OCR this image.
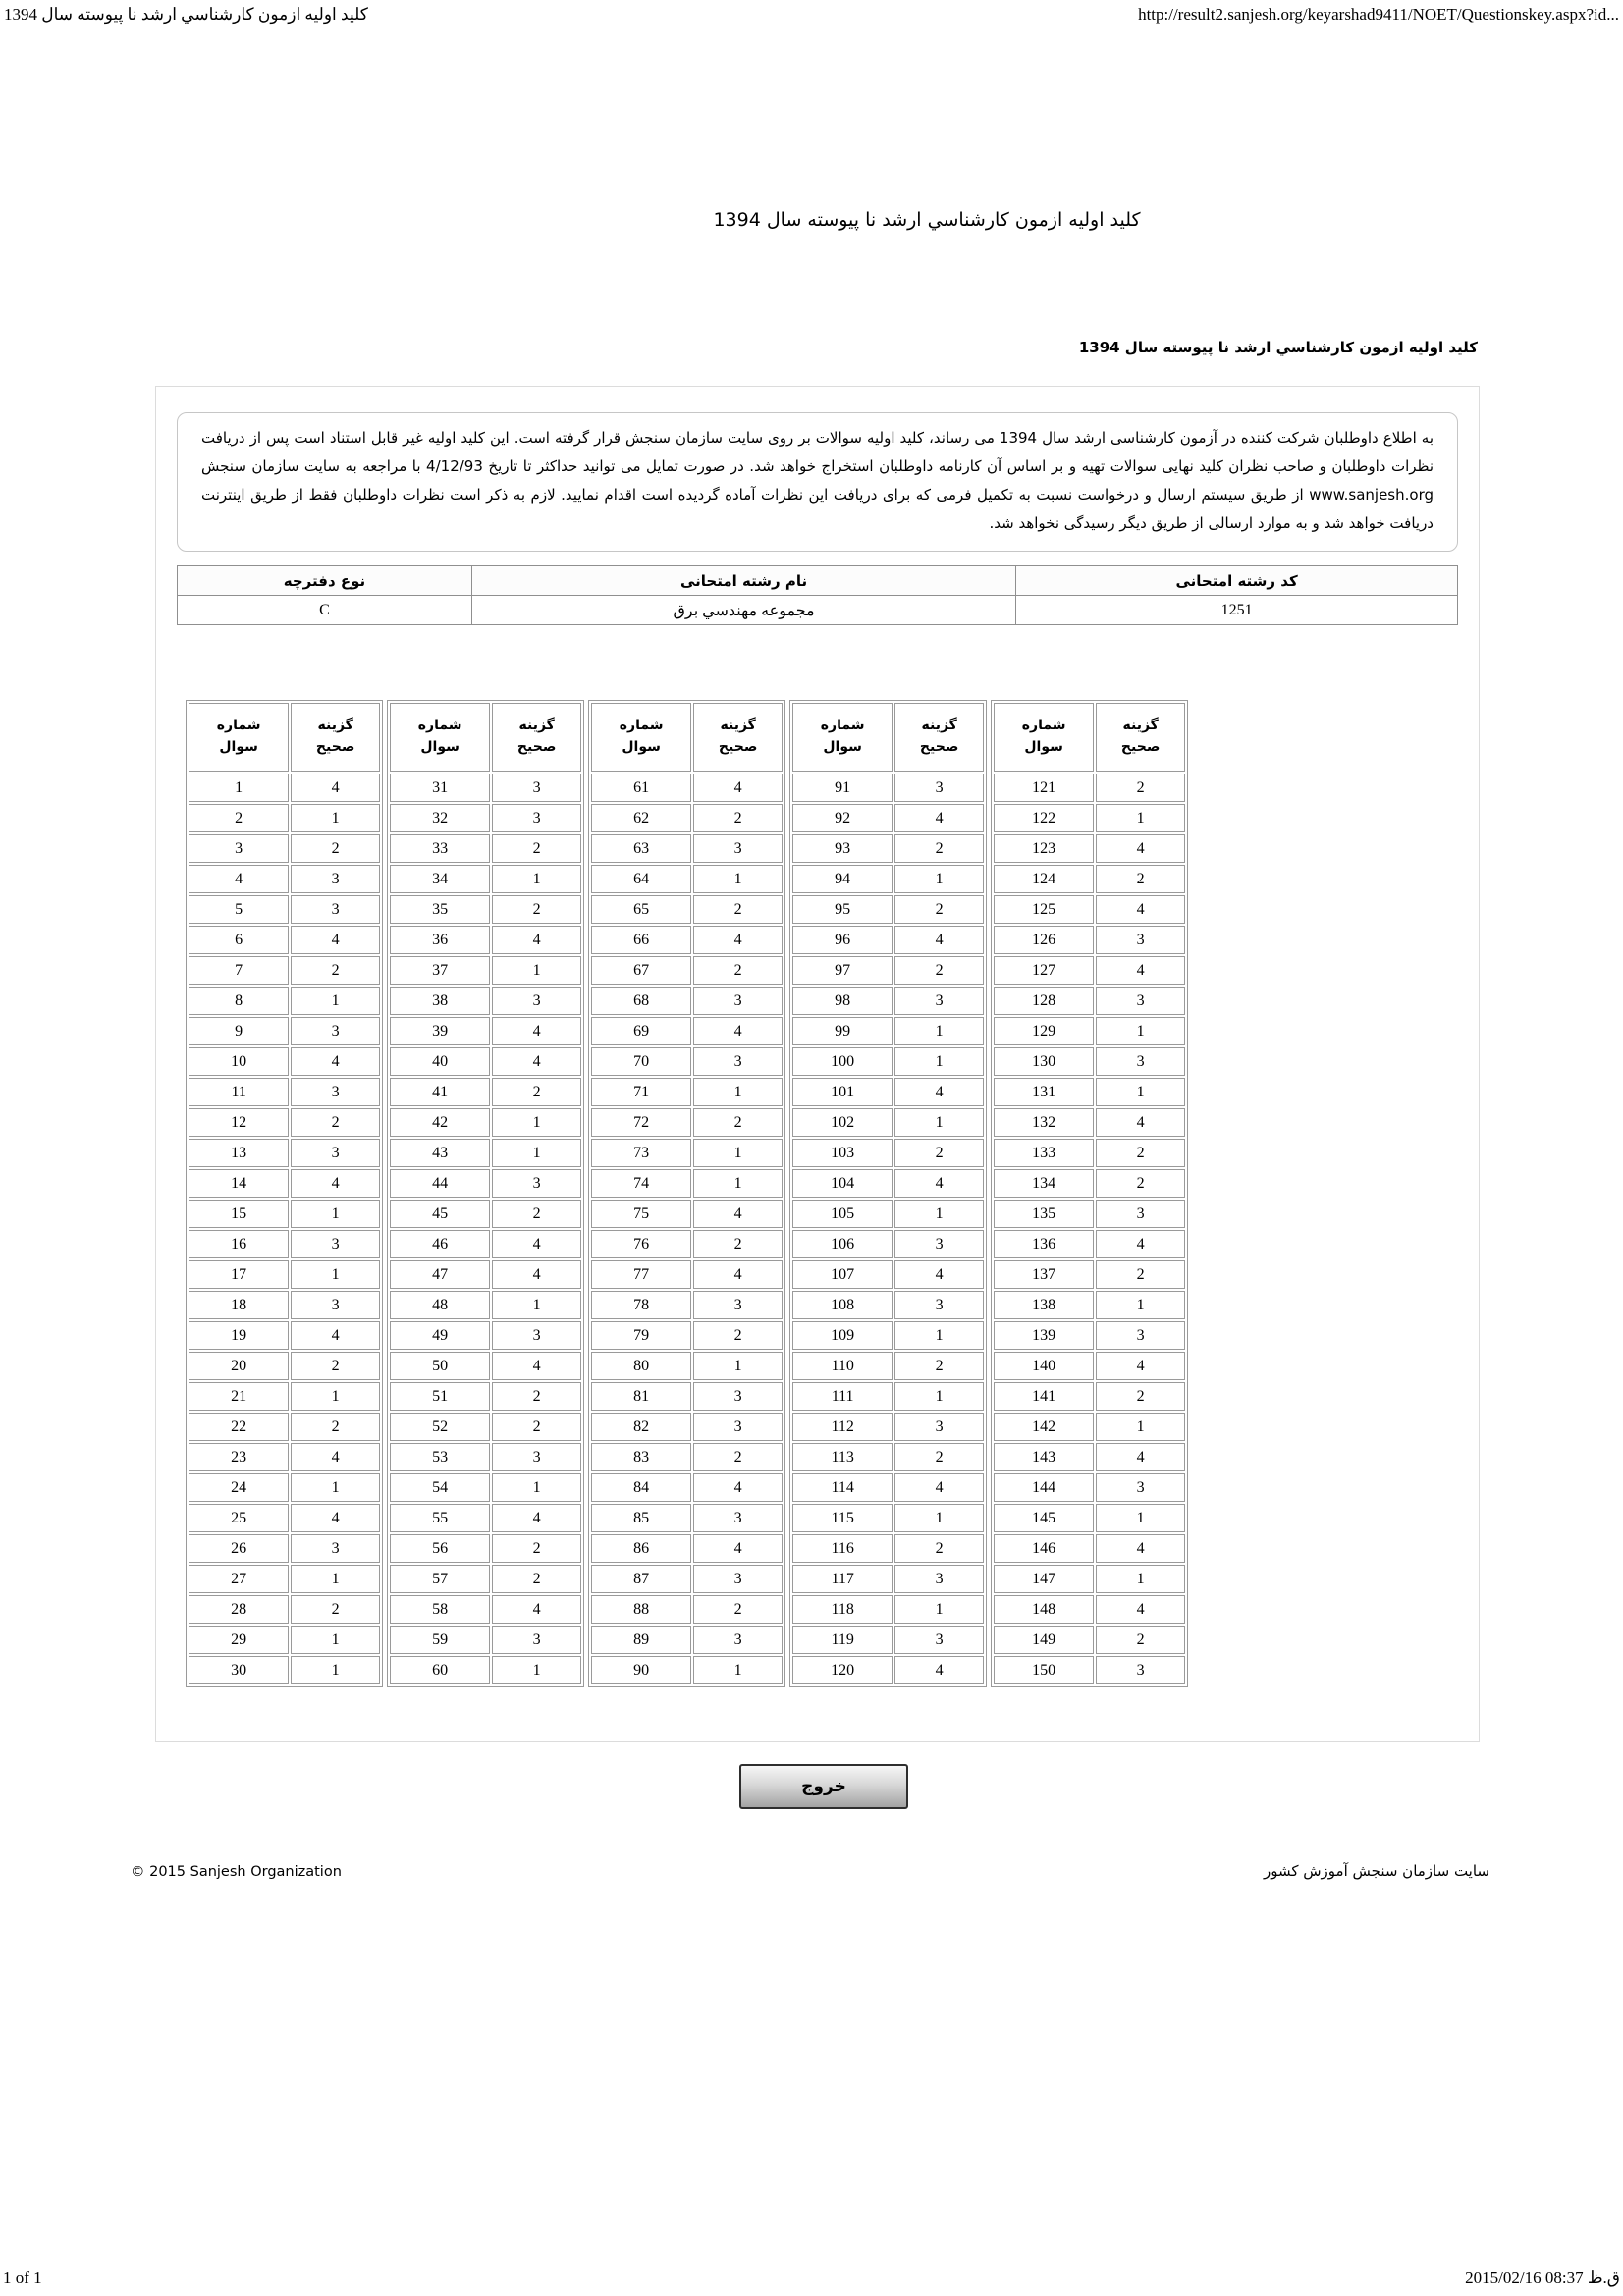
کلید اولیه ازمون کارشناسي ارشد نا پیوسته سال 1394	http://result2.sanjesh.org/keyarshad9411/NOET/Questionskey.aspx?id...
کلید اولیه ازمون کارشناسي ارشد نا پیوسته سال 1394
کلید اولیه ازمون کارشناسي ارشد نا پیوسته سال 1394

به اطلاع داوطلبان شرکت کننده در آزمون کارشناسی ارشد سال 1394 می رساند، کلید اولیه سوالات بر روی سایت سازمان سنجش قرار گرفته است. این کلید اولیه غیر قابل استناد است پس از دریافت نظرات داوطلبان و صاحب نظران کلید نهایی سوالات تهیه و بر اساس آن کارنامه داوطلبان استخراج خواهد شد. در صورت تمایل می توانید حداکثر تا تاریخ 4/12/93 با مراجعه به سایت سازمان سنجش www.sanjesh.org از طریق سیستم ارسال و درخواست نسبت به تکمیل فرمی که برای دریافت این نظرات آماده گردیده است اقدام نمایید. لازم به ذکر است نظرات داوطلبان فقط از طریق اینترنت دریافت خواهد شد و به موارد ارسالی از طریق دیگر رسیدگی نخواهد شد.

کد رشته امتحانی	نام رشته امتحانی	نوع دفترچه
1251	مجموعه مهندسي برق	C
شماره
سوال

گزینه
صحیح

1	4
2	1
3	2
4	3
5	3
6	4
7	2
8	1
9	3
10	4
11	3
12	2
13	3
14	4
15	1
16	3
17	1
18	3
19	4
20	2
21	1
22	2
23	4
24	1
25	4
26	3
27	1
28	2
29	1
30	1
شماره
سوال

گزینه
صحیح

31	3
32	3
33	2
34	1
35	2
36	4
37	1
38	3
39	4
40	4
41	2
42	1
43	1
44	3
45	2
46	4
47	4
48	1
49	3
50	4
51	2
52	2
53	3
54	1
55	4
56	2
57	2
58	4
59	3
60	1
شماره
سوال

گزینه
صحیح

61	4
62	2
63	3
64	1
65	2
66	4
67	2
68	3
69	4
70	3
71	1
72	2
73	1
74	1
75	4
76	2
77	4
78	3
79	2
80	1
81	3
82	3
83	2
84	4
85	3
86	4
87	3
88	2
89	3
90	1
شماره
سوال

گزینه
صحیح

91	3
92	4
93	2
94	1
95	2
96	4
97	2
98	3
99	1
100	1
101	4
102	1
103	2
104	4
105	1
106	3
107	4
108	3
109	1
110	2
111	1
112	3
113	2
114	4
115	1
116	2
117	3
118	1
119	3
120	4
شماره
سوال

گزینه
صحیح

121	2
122	1
123	4
124	2
125	4
126	3
127	4
128	3
129	1
130	3
131	1
132	4
133	2
134	2
135	3
136	4
137	2
138	1
139	3
140	4
141	2
142	1
143	4
144	3
145	1
146	4
147	1
148	4
149	2
150	3
خروج
© 2015 Sanjesh Organization	سایت سازمان سنجش آموزش کشور
1 of 1	2015/02/16 08:37 ق.ظ
